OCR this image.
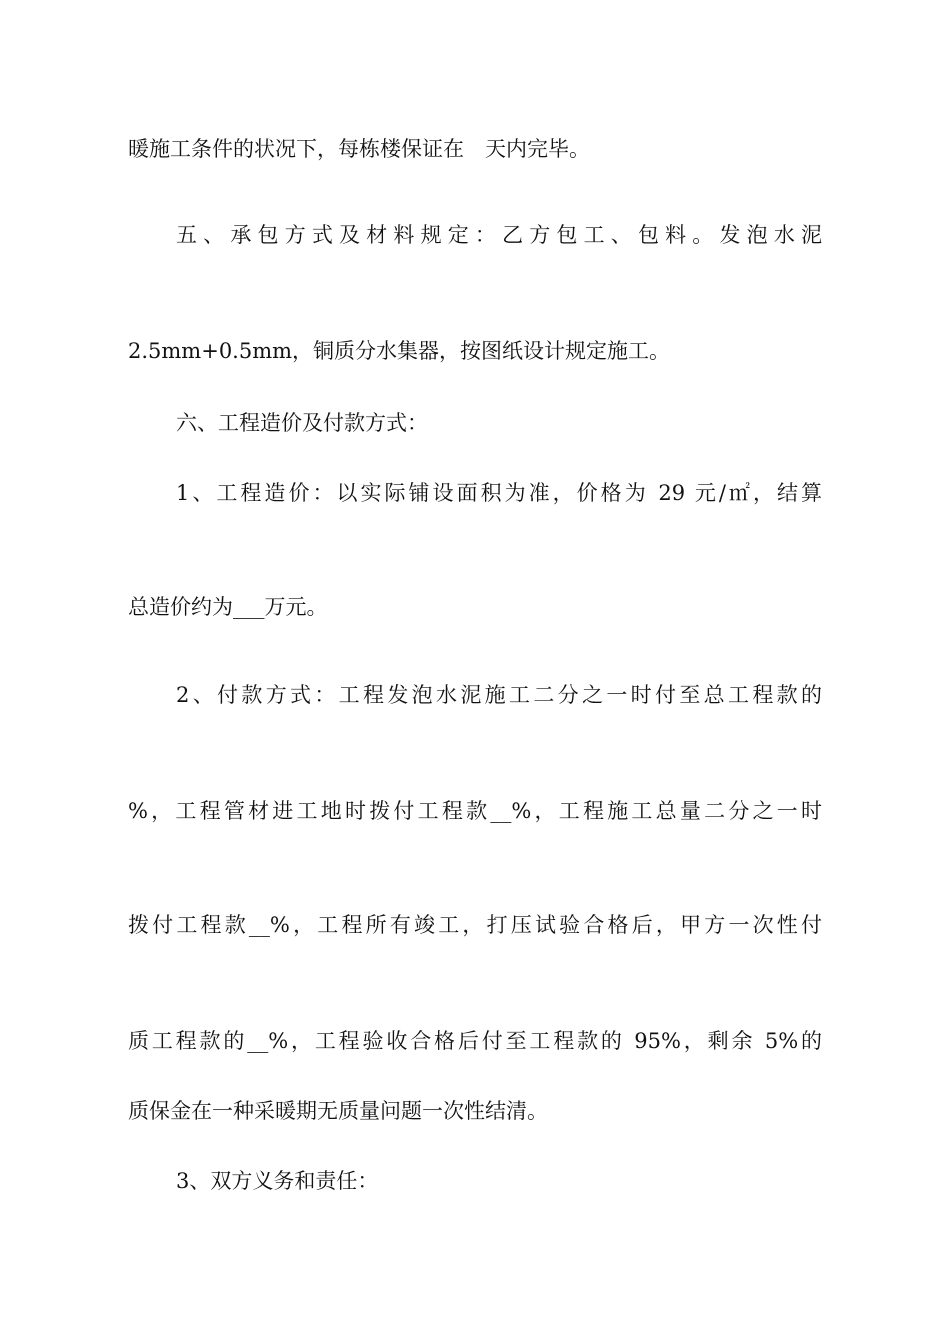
暖施工条件的状况下，每栋楼保证在　天内完毕。
五、承包方式及材料规定：乙方包工、包料。发泡水泥
2.5mm+0.5mm，铜质分水集器，按图纸设计规定施工。
六、工程造价及付款方式：
1、工程造价：以实际铺设面积为准，价格为 29 元/㎡，结算
总造价约为___万元。
2、付款方式：工程发泡水泥施工二分之一时付至总工程款的
%，工程管材进工地时拨付工程款__%，工程施工总量二分之一时
拨付工程款__%，工程所有竣工，打压试验合格后，甲方一次性付
质工程款的__%，工程验收合格后付至工程款的 95%，剩余 5%的
质保金在一种采暖期无质量问题一次性结清。
3、双方义务和责任：
